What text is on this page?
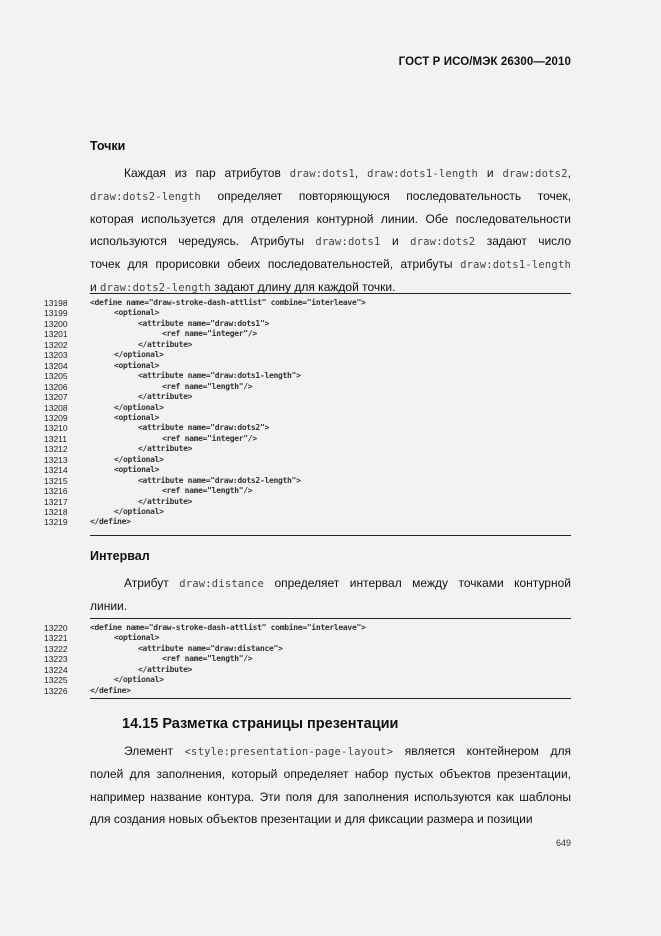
ГОСТ Р ИСО/МЭК 26300—2010
Точки
Каждая из пар атрибутов draw:dots1, draw:dots1-length и draw:dots2,
draw:dots2-length определяет повторяющуюся последовательность точек,
которая используется для отделения контурной линии. Обе последовательности
используются чередуясь. Атрибуты draw:dots1 и draw:dots2 задают число
точек для прорисовки обеих последовательностей, атрибуты draw:dots1-length
и draw:dots2-length задают длину для каждой точки.
13198	<define name="draw-stroke-dash-attlist" combine="interleave">
13199	<optional>
13200	<attribute name="draw:dots1">
13201	<ref name="integer"/>
13202	</attribute>
13203	</optional>
13204	<optional>
13205	<attribute name="draw:dots1-length">
13206	<ref name="length"/>
13207	</attribute>
13208	</optional>
13209	<optional>
13210	<attribute name="draw:dots2">
13211	<ref name="integer"/>
13212	</attribute>
13213	</optional>
13214	<optional>
13215	<attribute name="draw:dots2-length">
13216	<ref name="length"/>
13217	</attribute>
13218	</optional>
13219	</define>
Интервал
Атрибут draw:distance определяет интервал между точками контурной
линии.
13220	<define name="draw-stroke-dash-attlist" combine="interleave">
13221	<optional>
13222	<attribute name="draw:distance">
13223	<ref name="length"/>
13224	</attribute>
13225	</optional>
13226	</define>
14.15 Разметка страницы презентации
Элемент <style:presentation-page-layout> является контейнером для
полей для заполнения, который определяет набор пустых объектов презентации,
например название контура. Эти поля для заполнения используются как шаблоны
для создания новых объектов презентации и для фиксации размера и позиции
649
